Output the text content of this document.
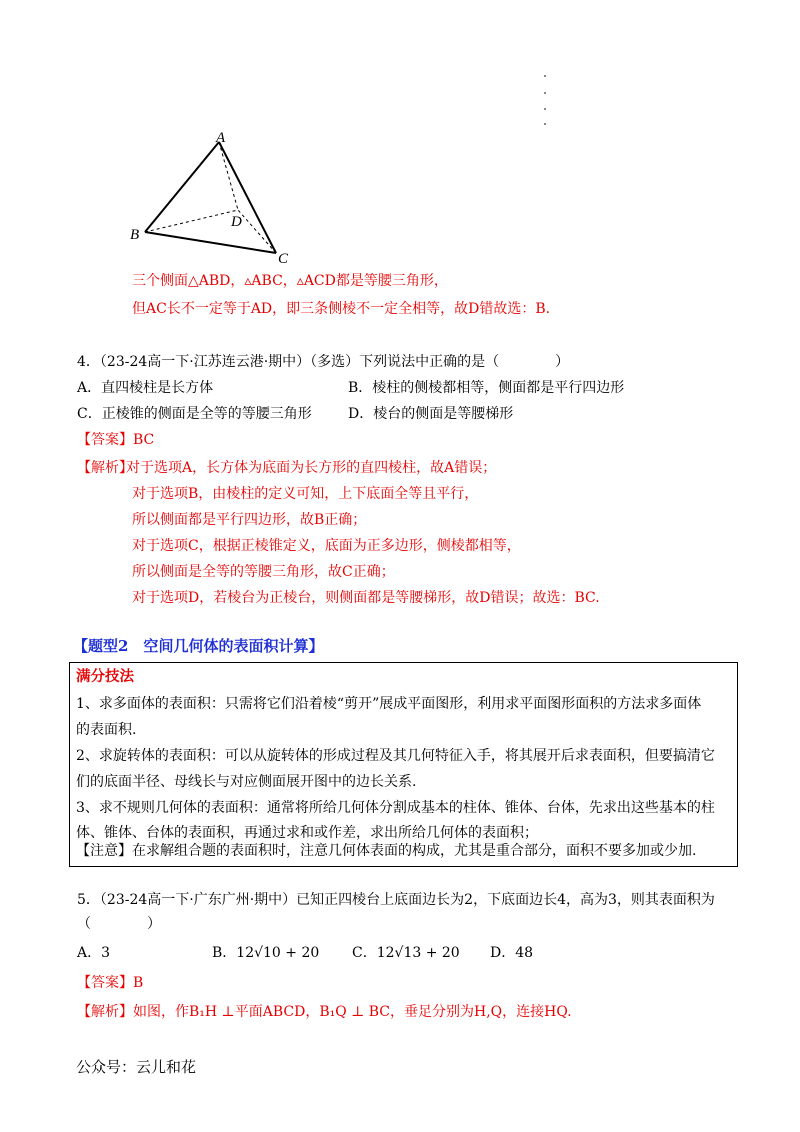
A
B
C
D
三个侧面△ABD，▵ABC，▵ACD都是等腰三角形，
但AC长不一定等于AD，即三条侧棱不一定全相等，故D错故选：B.
4．（23-24高一下·江苏连云港·期中）（多选）下列说法中正确的是（　　　　）
A．直四棱柱是长方体	B．棱柱的侧棱都相等，侧面都是平行四边形
C．正棱锥的侧面是全等的等腰三角形	D．棱台的侧面是等腰梯形
【答案】BC
【解析】
对于选项A，长方体为底面为长方形的直四棱柱，故A错误；
对于选项B，由棱柱的定义可知，上下底面全等且平行，
所以侧面都是平行四边形，故B正确；
对于选项C，根据正棱锥定义，底面为正多边形，侧棱都相等，
所以侧面是全等的等腰三角形，故C正确；
对于选项D，若棱台为正棱台，则侧面都是等腰梯形，故D错误；故选：BC.
【题型2　空间几何体的表面积计算】
满分技法
1、求多面体的表面积：只需将它们沿着棱“剪开”展成平面图形，利用求平面图形面积的方法求多面体
的表面积.
2、求旋转体的表面积：可以从旋转体的形成过程及其几何特征入手，将其展开后求表面积，但要搞清它
们的底面半径、母线长与对应侧面展开图中的边长关系.
3、求不规则几何体的表面积：通常将所给几何体分割成基本的柱体、锥体、台体，先求出这些基本的柱
体、锥体、台体的表面积，再通过求和或作差，求出所给几何体的表面积；
【注意】在求解组合题的表面积时，注意几何体表面的构成，尤其是重合部分，面积不要多加或少加.
5．（23-24高一下·广东广州·期中）已知正四棱台上底面边长为2，下底面边长4，高为3，则其表面积为
（　　　　）
A．3	B．12√10 + 20 C．12√13 + 20 D．48
【答案】B
【解析】如图，作B₁H ⊥平面ABCD，B₁Q ⊥ BC，垂足分别为H,Q，连接HQ.
公众号：云儿和花
